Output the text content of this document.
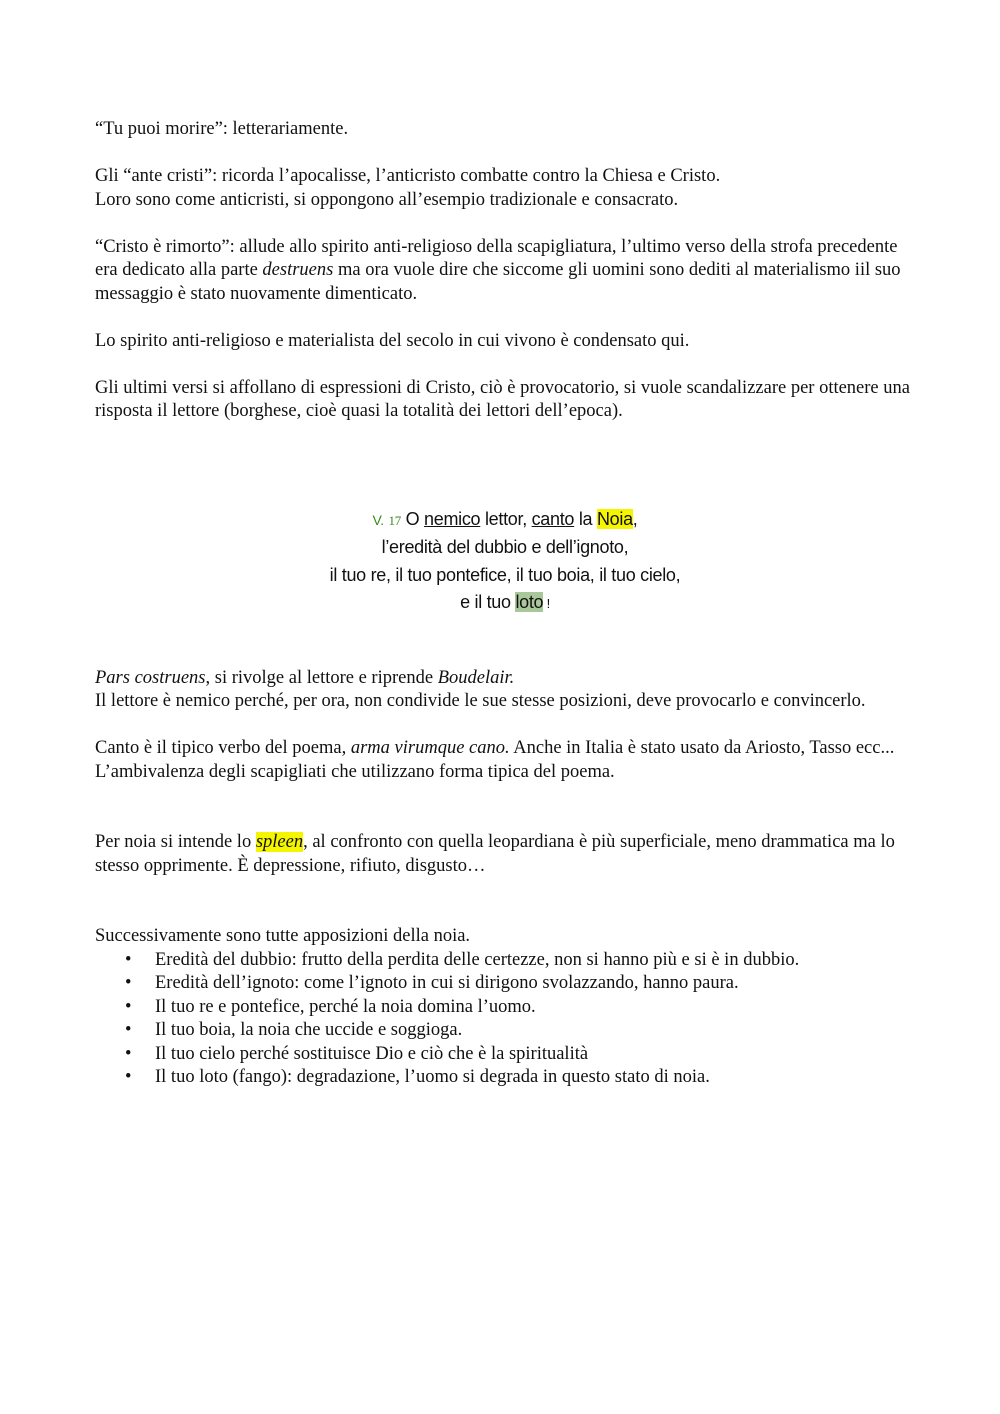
“Tu puoi morire”: letterariamente.

Gli “ante cristi”: ricorda l’apocalisse, l’anticristo combatte contro la Chiesa e Cristo.

Loro sono come anticristi, si oppongono all’esempio tradizionale e consacrato.

“Cristo è rimorto”: allude allo spirito anti-religioso della scapigliatura, l’ultimo verso della strofa precedente era dedicato alla parte destruens ma ora vuole dire che siccome gli uomini sono dediti al materialismo iil suo messaggio è stato nuovamente dimenticato.

Lo spirito anti-religioso e materialista del secolo in cui vivono è condensato qui.

Gli ultimi versi si affollano di espressioni di Cristo, ciò è provocatorio, si vuole scandalizzare per ottenere una risposta il lettore (borghese, cioè quasi la totalità dei lettori dell’epoca).

V. 17 O nemico lettor, canto la Noia,
l’eredità del dubbio e dell’ignoto,
il tuo re, il tuo pontefice, il tuo boia, il tuo cielo,
e il tuo loto !

Pars costruens, si rivolge al lettore e riprende Boudelair.

Il lettore è nemico perché, per ora, non condivide le sue stesse posizioni, deve provocarlo e convincerlo.

Canto è il tipico verbo del poema, arma virumque cano. Anche in Italia è stato usato da Ariosto, Tasso ecc...

L’ambivalenza degli scapigliati che utilizzano forma tipica del poema.

Per noia si intende lo spleen, al confronto con quella leopardiana è più superficiale, meno drammatica ma lo stesso opprimente. È depressione, rifiuto, disgusto…

Successivamente sono tutte apposizioni della noia.

• Eredità del dubbio: frutto della perdita delle certezze, non si hanno più e si è in dubbio.
• Eredità dell’ignoto: come l’ignoto in cui si dirigono svolazzando, hanno paura.
• Il tuo re e pontefice, perché la noia domina l’uomo.
• Il tuo boia, la noia che uccide e soggioga.
• Il tuo cielo perché sostituisce Dio e ciò che è la spiritualità
• Il tuo loto (fango): degradazione, l’uomo si degrada in questo stato di noia.
